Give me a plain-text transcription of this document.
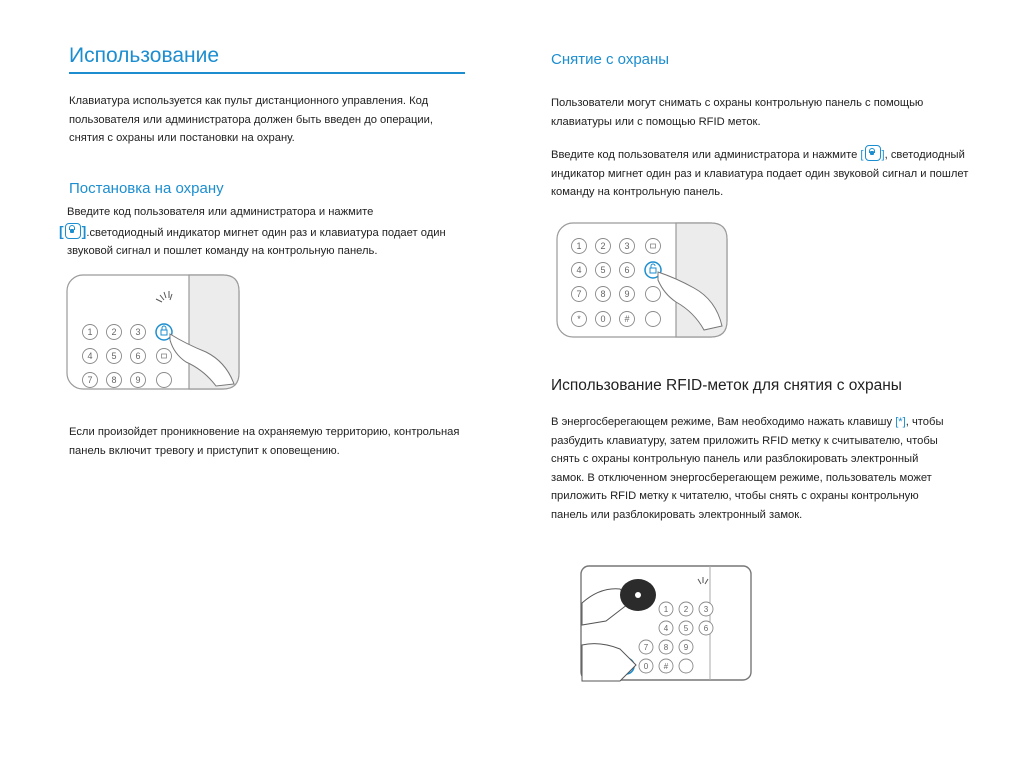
Использование
Клавиатура используется как пульт дистанционного управления. Код пользователя или администратора должен быть введен до операции, снятия с охраны или постановки на охрану.
Постановка на охрану
Введите код пользователя или администратора и нажмите
[ ].светодиодный индикатор мигнет один раз и клавиатура подает один звуковой сигнал и пошлет команду на контрольную панель.
1 2 3
4 5 6
7 8 9
Если произойдет проникновение на охраняемую территорию, контрольная панель включит тревогу и приступит к оповещению.
Снятие с охраны
Пользователи могут снимать с охраны контрольную панель с помощью клавиатуры или с помощью RFID меток.
Введите код пользователя или администратора и нажмите [ ], светодиодный индикатор мигнет один раз и клавиатура подает один звуковой сигнал и пошлет команду на контрольную панель.
1 2 3
4 5 6
7 8 9
* 0 #
Использование RFID-меток для снятия с охраны
В энергосберегающем режиме, Вам необходимо нажать клавишу [*], чтобы разбудить клавиатуру, затем приложить RFID метку к считывателю, чтобы снять с охраны контрольную панель или разблокировать электронный замок. В отключенном энергосберегающем режиме, пользователь может приложить RFID метку к читателю, чтобы снять с охраны контрольную панель или разблокировать электронный замок.
1 2 3
4 5 6
7 8 9
0 #
